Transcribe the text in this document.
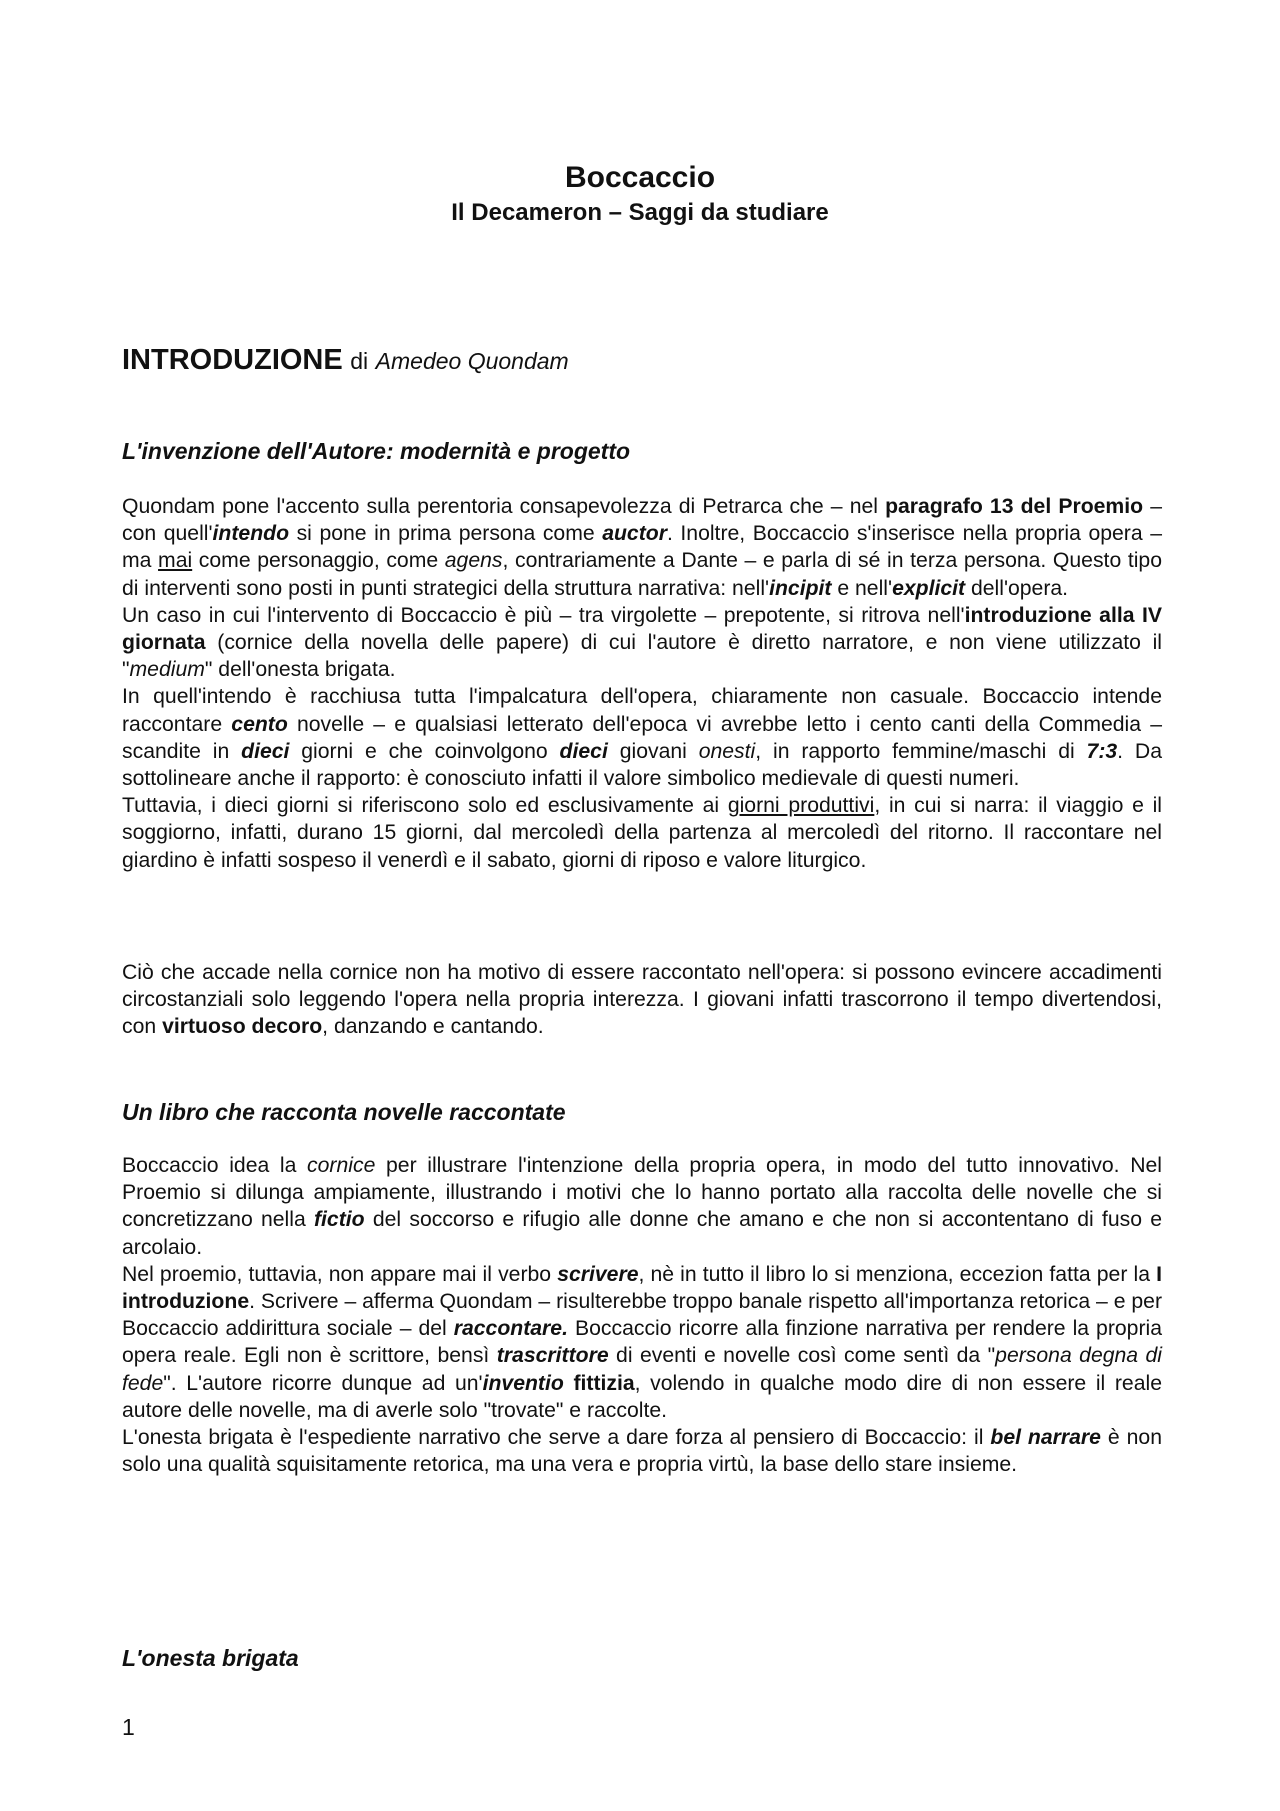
Boccaccio
Il Decameron – Saggi da studiare
INTRODUZIONE di Amedeo Quondam
L'invenzione dell'Autore: modernità e progetto

Quondam pone l'accento sulla perentoria consapevolezza di Petrarca che – nel paragrafo 13 del Proemio – con quell'intendo si pone in prima persona come auctor. Inoltre, Boccaccio s'inserisce nella propria opera – ma mai come personaggio, come agens, contrariamente a Dante – e parla di sé in terza persona. Questo tipo di interventi sono posti in punti strategici della struttura narrativa: nell'incipit e nell'explicit dell'opera.

Un caso in cui l'intervento di Boccaccio è più – tra virgolette – prepotente, si ritrova nell'introduzione alla IV giornata (cornice della novella delle papere) di cui l'autore è diretto narratore, e non viene utilizzato il "medium" dell'onesta brigata.

In quell'intendo è racchiusa tutta l'impalcatura dell'opera, chiaramente non casuale. Boccaccio intende raccontare cento novelle – e qualsiasi letterato dell'epoca vi avrebbe letto i cento canti della Commedia – scandite in dieci giorni e che coinvolgono dieci giovani onesti, in rapporto femmine/maschi di 7:3. Da sottolineare anche il rapporto: è conosciuto infatti il valore simbolico medievale di questi numeri.

Tuttavia, i dieci giorni si riferiscono solo ed esclusivamente ai giorni produttivi, in cui si narra: il viaggio e il soggiorno, infatti, durano 15 giorni, dal mercoledì della partenza al mercoledì del ritorno. Il raccontare nel giardino è infatti sospeso il venerdì e il sabato, giorni di riposo e valore liturgico.

Ciò che accade nella cornice non ha motivo di essere raccontato nell'opera: si possono evincere accadimenti circostanziali solo leggendo l'opera nella propria interezza. I giovani infatti trascorrono il tempo divertendosi, con virtuoso decoro, danzando e cantando.

Un libro che racconta novelle raccontate

Boccaccio idea la cornice per illustrare l'intenzione della propria opera, in modo del tutto innovativo. Nel Proemio si dilunga ampiamente, illustrando i motivi che lo hanno portato alla raccolta delle novelle che si concretizzano nella fictio del soccorso e rifugio alle donne che amano e che non si accontentano di fuso e arcolaio.

Nel proemio, tuttavia, non appare mai il verbo scrivere, nè in tutto il libro lo si menziona, eccezion fatta per la I introduzione. Scrivere – afferma Quondam – risulterebbe troppo banale rispetto all'importanza retorica – e per Boccaccio addirittura sociale – del raccontare. Boccaccio ricorre alla finzione narrativa per rendere la propria opera reale. Egli non è scrittore, bensì trascrittore di eventi e novelle così come sentì da "persona degna di fede". L'autore ricorre dunque ad un'inventio fittizia, volendo in qualche modo dire di non essere il reale autore delle novelle, ma di averle solo "trovate" e raccolte.

L'onesta brigata è l'espediente narrativo che serve a dare forza al pensiero di Boccaccio: il bel narrare è non solo una qualità squisitamente retorica, ma una vera e propria virtù, la base dello stare insieme.

L'onesta brigata
1
